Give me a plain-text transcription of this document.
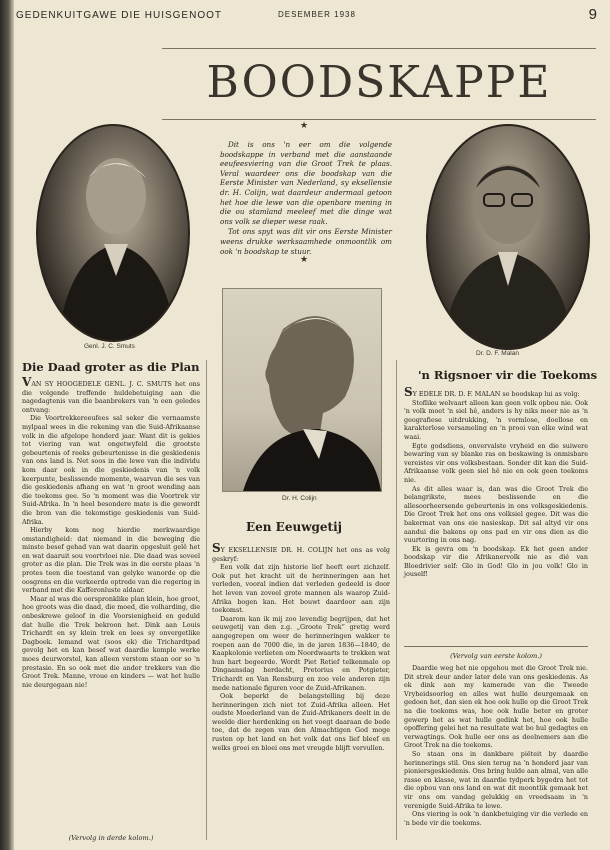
GEDENKUITGAWE DIE HUISGENOOT	DESEMBER 1938	9
BOODSKAPPE
★

Dit is ons 'n eer om die volgende boodskappe in verband met die aanstaande eeufeesviering van die Groot Trek te plaas. Veral waardeer ons die boodskap van die Eerste Minister van Nederland, sy eksellensie dr. H. Colijn, wat daardeur andermaal getoon het hoe die lewe van die openbare mening in die ou stamland meeleef met die dinge wat ons volk se dieper wese raak.

Tot ons spyt was dit vir ons Eerste Minister weens drukke werksaamhede onmoontlik om ook 'n boodskap te stuur.

★
Genl. J. C. Smuts
Dr. D. F. Malan
Dr. H. Colijn
Die Daad groter as die Plan

VAN SY HOOGEDELE GENL. J. C. SMUTS het ons die volgende treffende huldebetuiging aan die nagedagtenis van die baanbrekers van 'n een geledes ontvang:

Die Voortrekkereeufees sal seker die vernaamste mylpaal wees in die rekening van die Suid-Afrikaanse volk in die afgelope honderd jaar. Want dit is gekies tot viering van wat ongetwyfeld die grootste gebeurtenis of reeks gebeurtenisse in die geskiedenis van ons land is. Net soos in die lewe van die individu kom daar ook in die geskiedenis van 'n volk keerpunte, beslissende momente, waarvan die ses van die geskiedenis afhang en wat 'n groot wending aan die toekoms gee. So 'n moment was die Voortrek vir Suid-Afrika. In 'n heel besondere mate is die gewordt die bron van die tekomstige geskiedenis van Suid-Afrika.

Hierby kom nog hierdie merkwaardige omstandigheid: dat niemand in die beweging die minste besef gehad van wat daarin opgesluit gelê het en wat daaruit sou voortvloei nie. Die daad was soveel groter as die plan. Die Trek was in die eerste plaas 'n protes teen die toestand van gelyke wanorde op die oosgrens en die verkeerde optrede van die regering in verband met die Kafferonluste aldaar.

Maar al was die oorspronklike plan klein, hoe groot, hoe groots was die daad, die moed, die volharding, die onbeskrewe geloof in die Voorsienigheid en geduld dat hulle die Trek bekroon het. Dink aan Louis Trichardt en sy klein trek en lees sy onvergetlike Dagboek. Iemand wat (soos ek) die Trichardtpad gevolg het en kan besef wat daardie komple werke moes deurworstel, kan alleen verstom staan oor so 'n prestasie. En so ook met die ander trekkers van die Groot Trek. Manne, vroue en kinders — wat het hulle nie deurgegaan nie!

(Vervolg in derde kolom.)
Een Eeuwgetij

SY EKSELLENSIE DR. H. COLIJN het ons as volg geskryf:

Een volk dat zijn historie lief heeft eert zichzelf. Ook put het kracht uit de herinneringen aan het verleden, vooral indien dat verleden gedeeld is door het leven van zoveel grote mannen als waarop Zuid-Afrika bogen kan. Het bouwt daardoor aan zijn toekomst.

Daarom kan ik mij zoo levendig begrijpen, dat het eeuwgetij van den z.g. „Groote Trek” gretig werd aangegrepen om weer de herinneringen wakker te roepen aan de 7000 die, in de jaren 1836—1840, de Kaapkolonie verlieten om Noordwaarts te trekken wat hun hart begeerde. Wordt Piet Retief telkenmale op Dingaansdag herdacht, Pretorius en Potgieter, Trichardt en Van Rensburg en zoo vele anderen zijn mede nationale figuren voor de Zuid-Afrikanen.

Ook beperkt de belangstelling bij deze herinneringen zich niet tot Zuid-Afrika alleen. Het oudste Moederland van de Zuid-Afrikaners deelt in de weelde dier herdenking en het voegt daaraan de bede toe, dat de zegen van den Almachtigen God moge rusten op het land en het volk dat ons lief bleef en welks groei en bloei ons met vreugde blijft vervullen.

'n Rigsnoer vir die Toekoms

SY EDELE DR. D. F. MALAN se boodskap lui as volg:

Stoflike welvaart alleen kan geen volk opbou nie. Ook 'n volk moet 'n siel hê, anders is hy niks meer nie as 'n geografiese uitdrukking, 'n vormlose, doellose en karakterlose versameling en 'n prooi van elke wind wat waai.

Egte godsdiens, onvervalste vryheid en die suiwere bewaring van sy blanke ras en beskawing is onmisbare vereistes vir ons volksbestaan. Sonder dit kan die Suid-Afrikaanse volk geen siel hê nie en ook geen toekoms nie.

As dit alles waar is, dan was die Groot Trek die belangrikste, mees beslissende en die allesoorheersende gebeurtenis in ons volksgeskiedenis. Die Groot Trek het ons ons volksiel gegee. Dit was die bakermat van ons eie nasieskap. Dit sal altyd vir ons aandui die bakens op ons pad en vir ons dien as die vuurtoring in ons nag.

Ek is gevra om 'n boodskap. Ek het geen ander boodskap vir die Afrikanervolk nie as dié van Bloedrivier self: Glo in God! Glo in jou volk! Glo in jouself!

(Vervolg van eerste kolom.)

Daardie weg het nie opgehou met die Groot Trek nie. Dit strek deur ander later dele van ons geskiedenis. As ek dink aan my kamerade van die Tweede Vryheidsoorlog en alles wat hulle deurgemaak en gedoen het, dan sien ek hoe ook hulle op die Groot Trek na die toekoms was, hoe ook hulle beter en groter gewerp het as wat hulle gedink het, hoe ook hulle opoffering gelei het na resultate wat bo hul gedagtes en verwagtings. Ook hulle eer ons as deelnemers aan die Groot Trek na die toekoms.

So staan ons in dankbare piëteit by daardie herinnerings stil. Ons sien terug na 'n honderd jaar van pioniersgeskiedenis. Ons bring hulde aan almal, van alle rasse en klasse, wat in daardie tydperk bygedra het tot die opbou van ons land en wat dit moontlik gemaak het vir ons om vandag gelukkig en vreedsaam in 'n verenigde Suid-Afrika te lewe.

Ons viering is ook 'n dankbetuiging vir die verlede en 'n bede vir die toekoms.
